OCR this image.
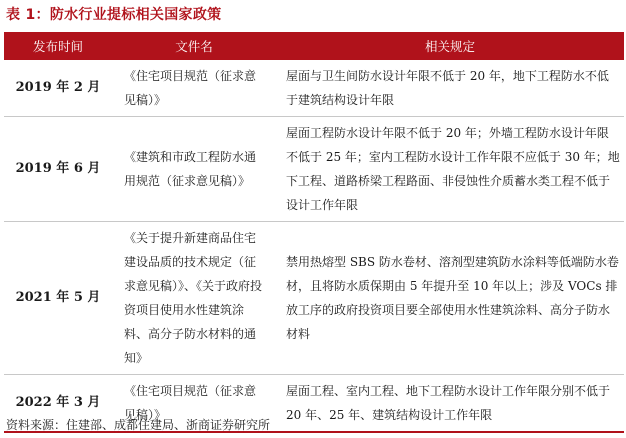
表 1：防水行业提标相关国家政策
发布时间	文件名	相关规定
2019 年 2 月	《住宅项目规范（征求意见稿）》	屋面与卫生间防水设计年限不低于 20 年，地下工程防水不低于建筑结构设计年限
2019 年 6 月	《建筑和市政工程防水通用规范（征求意见稿）》	屋面工程防水设计年限不低于 20 年；外墙工程防水设计年限不低于 25 年；室内工程防水设计工作年限不应低于 30 年；地下工程、道路桥梁工程路面、非侵蚀性介质蓄水类工程不低于设计工作年限
2021 年 5 月	《关于提升新建商品住宅建设品质的技术规定（征求意见稿）》、《关于政府投资项目使用水性建筑涂料、高分子防水材料的通知》	禁用热熔型 SBS 防水卷材、溶剂型建筑防水涂料等低端防水卷材，且将防水质保期由 5 年提升至 10 年以上；涉及 VOCs 排放工序的政府投资项目要全部使用水性建筑涂料、高分子防水材料
2022 年 3 月	《住宅项目规范（征求意见稿）》	屋面工程、室内工程、地下工程防水设计工作年限分别不低于 20 年、25 年、建筑结构设计工作年限
资料来源：住建部、成都住建局、浙商证券研究所
